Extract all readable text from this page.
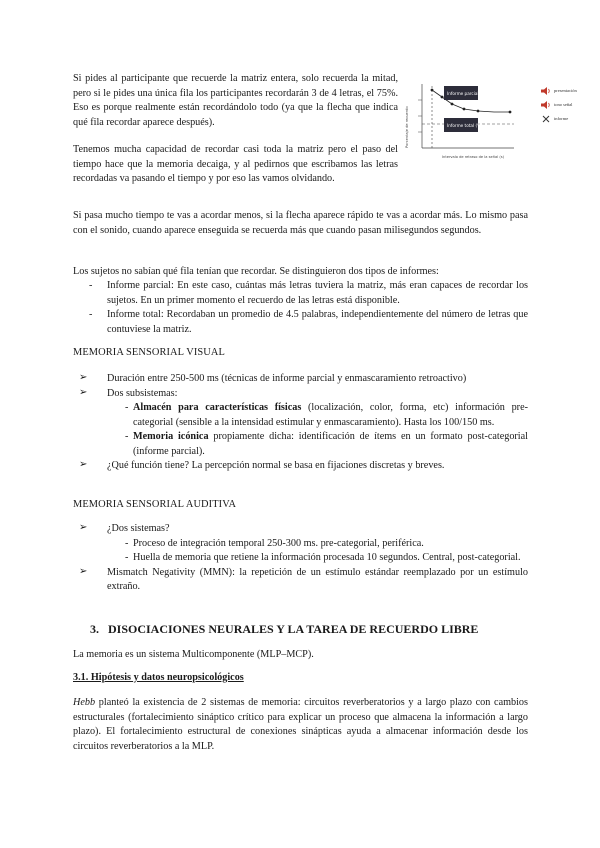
Si pides al participante que recuerde la matriz entera, solo recuerda la mitad, pero si le pides una única fila los participantes recordarán 3 de 4 letras, el 75%. Eso es porque realmente están recordándolo todo (ya que la flecha que indica qué fila recordar aparece después).
Tenemos mucha capacidad de recordar casi toda la matriz pero el paso del tiempo hace que la memoria decaiga, y al pedirnos que escribamos las letras recordadas va pasando el tiempo y por eso las vamos olvidando.
Informe parcial (%)
Informe total (%)
Porcentaje de recuerdo
Intervalo de retraso de la señal (s)
presentación
tono señal
informe
Si pasa mucho tiempo te vas a acordar menos, si la flecha aparece rápido te vas a acordar más. Lo mismo pasa con el sonido, cuando aparece enseguida se recuerda más que cuando pasan milisegundos segundos.
Los sujetos no sabían qué fila tenían que recordar. Se distinguieron dos tipos de informes:
- Informe parcial: En este caso, cuántas más letras tuviera la matriz, más eran capaces de recordar los sujetos. En un primer momento el recuerdo de las letras está disponible.
- Informe total: Recordaban un promedio de 4.5 palabras, independientemente del número de letras que contuviese la matriz.
MEMORIA SENSORIAL VISUAL
➢ Duración entre 250-500 ms (técnicas de informe parcial y enmascaramiento retroactivo)
➢ Dos subsistemas:
- Almacén para características físicas (localización, color, forma, etc) información pre-categorial (sensible a la intensidad estimular y enmascaramiento). Hasta los 100/150 ms.
- Memoria icónica propiamente dicha: identificación de ítems en un formato post-categorial (informe parcial).
➢ ¿Qué función tiene? La percepción normal se basa en fijaciones discretas y breves.
MEMORIA SENSORIAL AUDITIVA
➢ ¿Dos sistemas?
- Proceso de integración temporal 250-300 ms. pre-categorial, periférica.
- Huella de memoria que retiene la información procesada 10 segundos. Central, post-categorial.
➢ Mismatch Negativity (MMN): la repetición de un estímulo estándar reemplazado por un estímulo extraño.
3. DISOCIACIONES NEURALES Y LA TAREA DE RECUERDO LIBRE
La memoria es un sistema Multicomponente (MLP–MCP).
3.1. Hipótesis y datos neuropsicológicos
Hebb planteó la existencia de 2 sistemas de memoria: circuitos reverberatorios y a largo plazo con cambios estructurales (fortalecimiento sináptico crítico para explicar un proceso que almacena la información a largo plazo). El fortalecimiento estructural de conexiones sinápticas ayuda a almacenar información desde los circuitos reverberatorios a la MLP.
